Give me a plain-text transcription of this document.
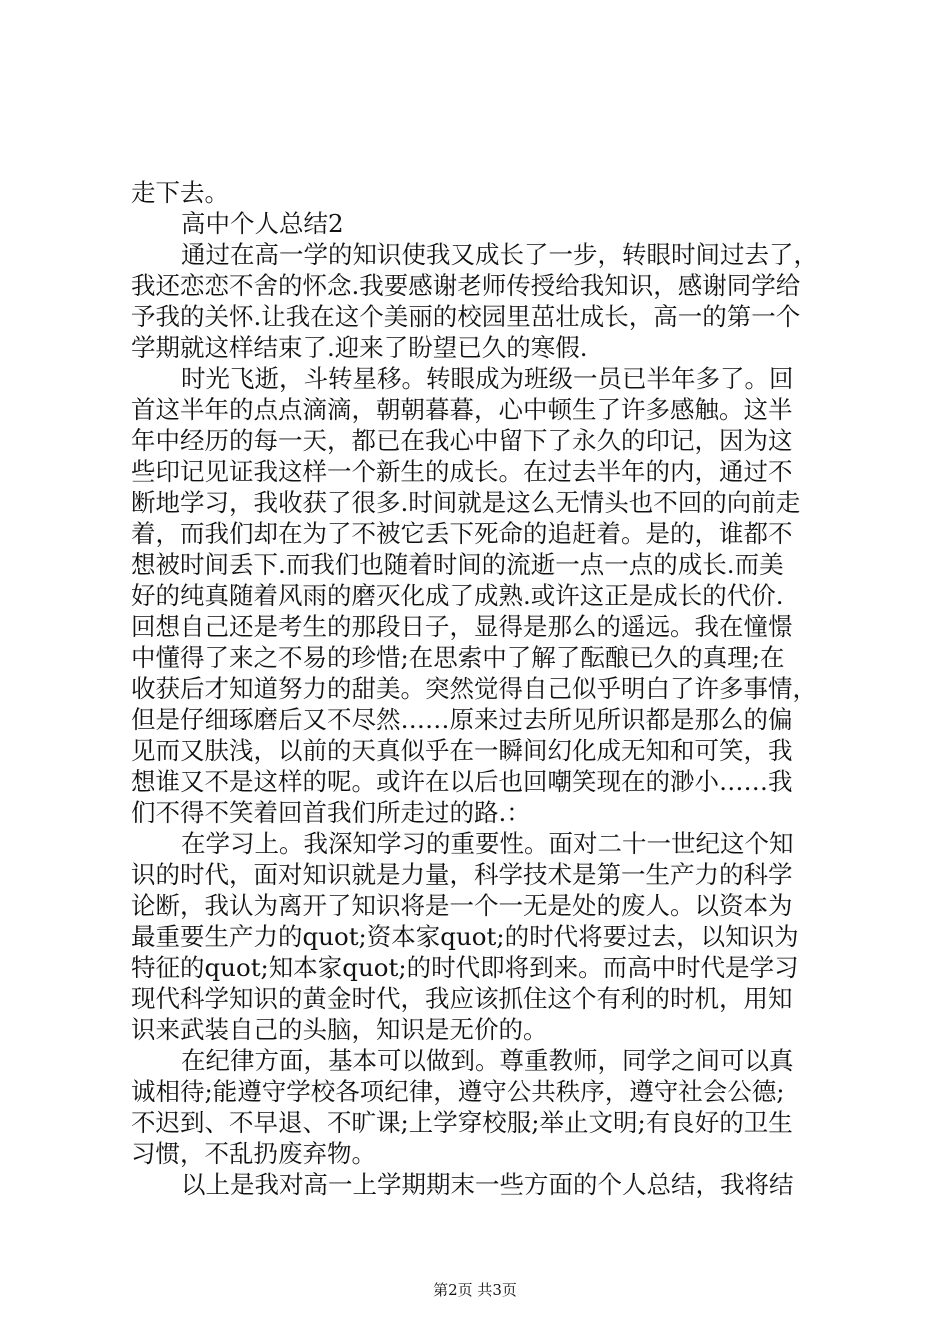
走下去。
高中个人总结2
通过在高一学的知识使我又成长了一步，转眼时间过去了，
我还恋恋不舍的怀念.我要感谢老师传授给我知识，感谢同学给
予我的关怀.让我在这个美丽的校园里茁壮成长，高一的第一个
学期就这样结束了.迎来了盼望已久的寒假.
时光飞逝，斗转星移。转眼成为班级一员已半年多了。回
首这半年的点点滴滴，朝朝暮暮，心中顿生了许多感触。这半
年中经历的每一天，都已在我心中留下了永久的印记，因为这
些印记见证我这样一个新生的成长。在过去半年的内，通过不
断地学习，我收获了很多.时间就是这么无情头也不回的向前走
着，而我们却在为了不被它丢下死命的追赶着。是的，谁都不
想被时间丢下.而我们也随着时间的流逝一点一点的成长.而美
好的纯真随着风雨的磨灭化成了成熟.或许这正是成长的代价.
回想自己还是考生的那段日子，显得是那么的遥远。我在憧憬
中懂得了来之不易的珍惜;在思索中了解了酝酿已久的真理;在
收获后才知道努力的甜美。突然觉得自己似乎明白了许多事情，
但是仔细琢磨后又不尽然……原来过去所见所识都是那么的偏
见而又肤浅，以前的天真似乎在一瞬间幻化成无知和可笑，我
想谁又不是这样的呢。或许在以后也回嘲笑现在的渺小……我
们不得不笑着回首我们所走过的路.：
在学习上。我深知学习的重要性。面对二十一世纪这个知
识的时代，面对知识就是力量，科学技术是第一生产力的科学
论断，我认为离开了知识将是一个一无是处的废人。以资本为
最重要生产力的quot;资本家quot;的时代将要过去，以知识为
特征的quot;知本家quot;的时代即将到来。而高中时代是学习
现代科学知识的黄金时代，我应该抓住这个有利的时机，用知
识来武装自己的头脑，知识是无价的。
在纪律方面，基本可以做到。尊重教师，同学之间可以真
诚相待;能遵守学校各项纪律，遵守公共秩序，遵守社会公德;
不迟到、不早退、不旷课;上学穿校服;举止文明;有良好的卫生
习惯，不乱扔废弃物。
以上是我对高一上学期期末一些方面的个人总结，我将结
第2页 共3页
